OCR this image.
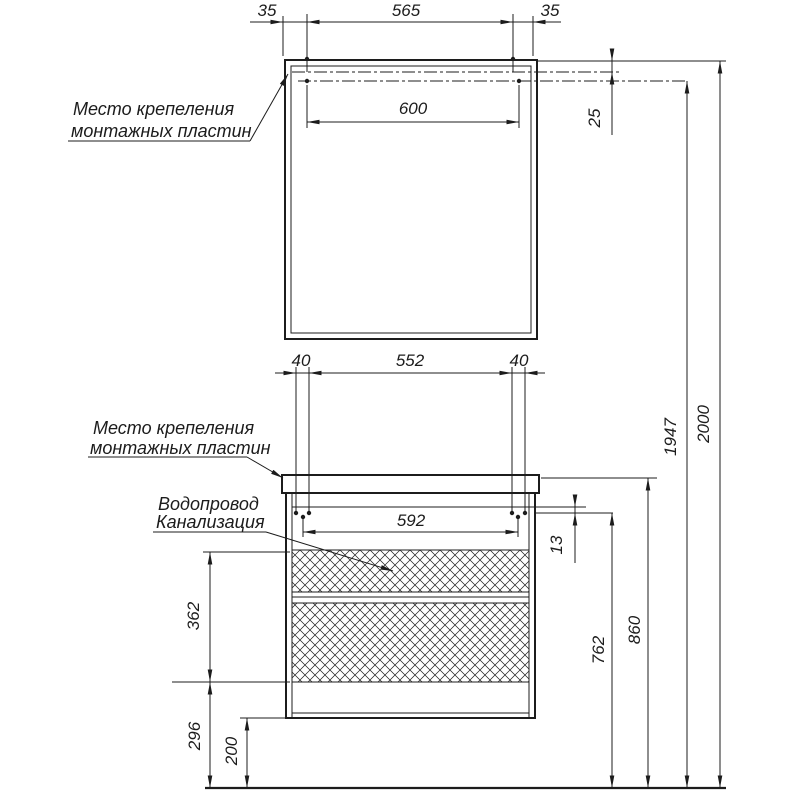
35	565	35
600	25
1947 2000
40	552	40
592
13
362
296
200
762
860
Место крепеления
монтажных пластин
Место крепеления
монтажных пластин
Водопровод
Канализация
